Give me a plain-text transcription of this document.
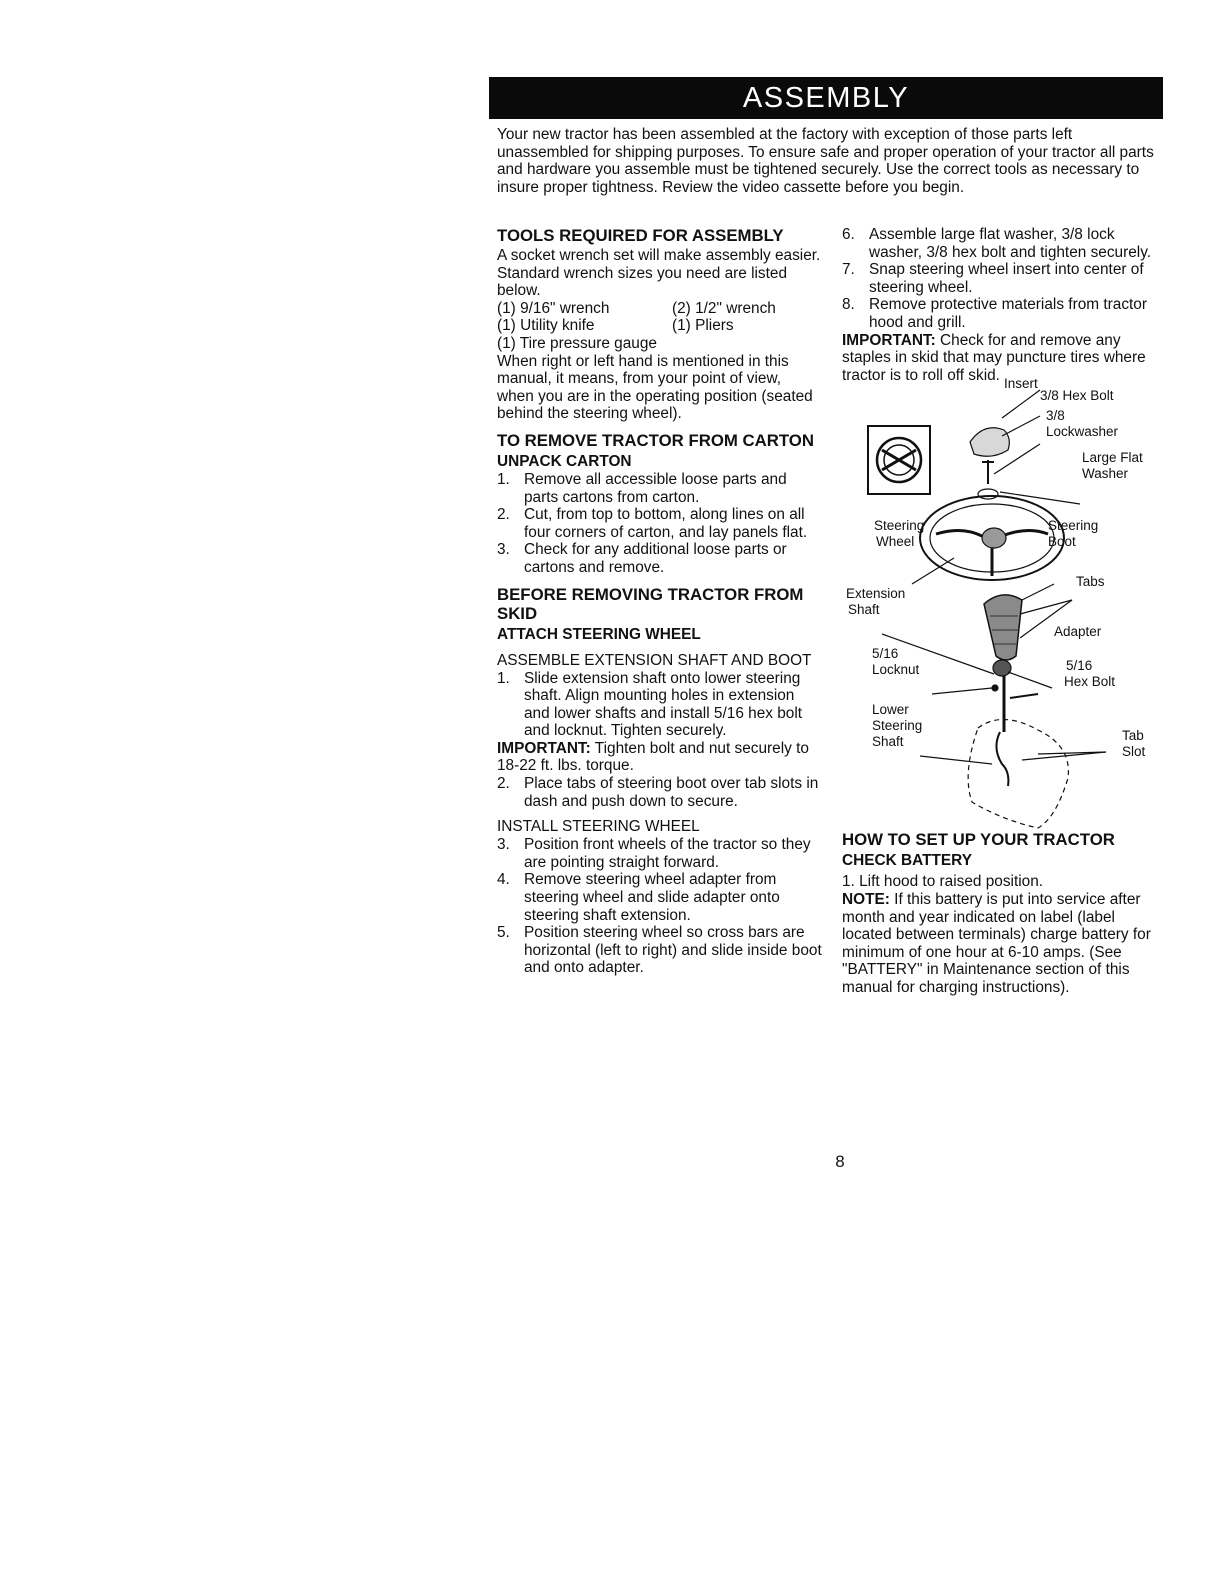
ASSEMBLY

Your new tractor has been assembled at the factory with exception of those parts left unassembled for shipping purposes. To ensure safe and proper operation of your tractor all parts and hardware you assemble must be tightened securely. Use the correct tools as necessary to insure proper tightness. Review the video cassette before you begin.

TOOLS REQUIRED FOR ASSEMBLY

A socket wrench set will make assembly easier. Standard wrench sizes you need are listed below.

(1) 9/16" wrench	(2) 1/2" wrench
(1) Utility knife	(1) Pliers
(1) Tire pressure gauge

When right or left hand is mentioned in this manual, it means, from your point of view, when you are in the operating position (seated behind the steering wheel).

TO REMOVE TRACTOR FROM CARTON
UNPACK CARTON
1. Remove all accessible loose parts and parts cartons from carton.
2. Cut, from top to bottom, along lines on all four corners of carton, and lay panels flat.
3. Check for any additional loose parts or cartons and remove.
BEFORE REMOVING TRACTOR FROM SKID
ATTACH STEERING WHEEL
ASSEMBLE EXTENSION SHAFT AND BOOT
1. Slide extension shaft onto lower steering shaft. Align mounting holes in extension and lower shafts and install 5/16 hex bolt and locknut. Tighten securely.

IMPORTANT: Tighten bolt and nut securely to 18-22 ft. lbs. torque.

2. Place tabs of steering boot over tab slots in dash and push down to secure.
INSTALL STEERING WHEEL
3. Position front wheels of the tractor so they are pointing straight forward.
4. Remove steering wheel adapter from steering wheel and slide adapter onto steering shaft extension.
5. Position steering wheel so cross bars are horizontal (left to right) and slide inside boot and onto adapter.
6. Assemble large flat washer, 3/8 lock washer, 3/8 hex bolt and tighten securely.
7. Snap steering wheel insert into center of steering wheel.
8. Remove protective materials from tractor hood and grill.

IMPORTANT: Check for and remove any staples in skid that may puncture tires where tractor is to roll off skid.

Insert
3/8 Hex Bolt
3/8
Lockwasher
Large Flat
Washer
Steering
Wheel
Steering
Boot
Tabs
Extension
Shaft
Adapter
5/16
Locknut	5/16
Hex Bolt
Lower
Steering
Shaft	Tab
Slot
HOW TO SET UP YOUR TRACTOR
CHECK BATTERY

1. Lift hood to raised position.

NOTE: If this battery is put into service after month and year indicated on label (label located between terminals) charge battery for minimum of one hour at 6-10 amps. (See "BATTERY" in Maintenance section of this manual for charging instructions).

8
